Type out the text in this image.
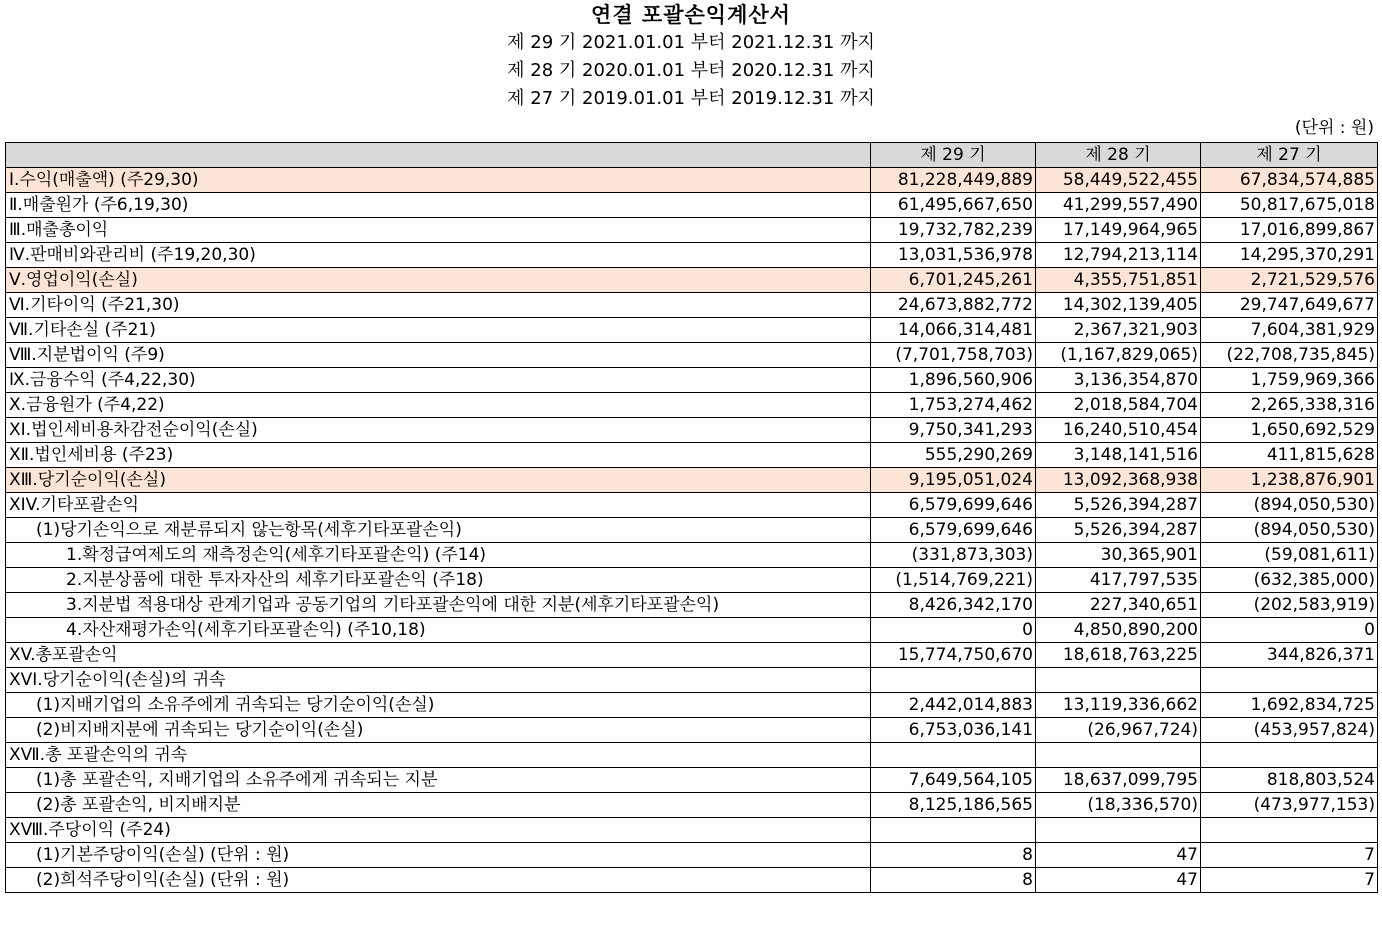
연결 포괄손익계산서
제 29 기 2021.01.01 부터 2021.12.31 까지
제 28 기 2020.01.01 부터 2020.12.31 까지
제 27 기 2019.01.01 부터 2019.12.31 까지
(단위 : 원)
	제 29 기	제 28 기	제 27 기
Ⅰ.수익(매출액) (주29,30)	81,228,449,889	58,449,522,455	67,834,574,885
Ⅱ.매출원가 (주6,19,30)	61,495,667,650	41,299,557,490	50,817,675,018
Ⅲ.매출총이익	19,732,782,239	17,149,964,965	17,016,899,867
Ⅳ.판매비와관리비 (주19,20,30)	13,031,536,978	12,794,213,114	14,295,370,291
Ⅴ.영업이익(손실)	6,701,245,261	4,355,751,851	2,721,529,576
Ⅵ.기타이익 (주21,30)	24,673,882,772	14,302,139,405	29,747,649,677
Ⅶ.기타손실 (주21)	14,066,314,481	2,367,321,903	7,604,381,929
Ⅷ.지분법이익 (주9)	(7,701,758,703)	(1,167,829,065)	(22,708,735,845)
Ⅸ.금융수익 (주4,22,30)	1,896,560,906	3,136,354,870	1,759,969,366
Ⅹ.금융원가 (주4,22)	1,753,274,462	2,018,584,704	2,265,338,316
XI.법인세비용차감전순이익(손실)	9,750,341,293	16,240,510,454	1,650,692,529
XⅡ.법인세비용 (주23)	555,290,269	3,148,141,516	411,815,628
XⅢ.당기순이익(손실)	9,195,051,024	13,092,368,938	1,238,876,901
XIV.기타포괄손익	6,579,699,646	5,526,394,287	(894,050,530)
(1)당기손익으로 재분류되지 않는항목(세후기타포괄손익)	6,579,699,646	5,526,394,287	(894,050,530)
1.확정급여제도의 재측정손익(세후기타포괄손익) (주14)	(331,873,303)	30,365,901	(59,081,611)
2.지분상품에 대한 투자자산의 세후기타포괄손익 (주18)	(1,514,769,221)	417,797,535	(632,385,000)
3.지분법 적용대상 관계기업과 공동기업의 기타포괄손익에 대한 지분(세후기타포괄손익)	8,426,342,170	227,340,651	(202,583,919)
4.자산재평가손익(세후기타포괄손익) (주10,18)	0	4,850,890,200	0
XV.총포괄손익	15,774,750,670	18,618,763,225	344,826,371
XVI.당기순이익(손실)의 귀속			
(1)지배기업의 소유주에게 귀속되는 당기순이익(손실)	2,442,014,883	13,119,336,662	1,692,834,725
(2)비지배지분에 귀속되는 당기순이익(손실)	6,753,036,141	(26,967,724)	(453,957,824)
XⅦ.총 포괄손익의 귀속			
(1)총 포괄손익, 지배기업의 소유주에게 귀속되는 지분	7,649,564,105	18,637,099,795	818,803,524
(2)총 포괄손익, 비지배지분	8,125,186,565	(18,336,570)	(473,977,153)
XⅧ.주당이익 (주24)			
(1)기본주당이익(손실) (단위 : 원)	8	47	7
(2)희석주당이익(손실) (단위 : 원)	8	47	7
